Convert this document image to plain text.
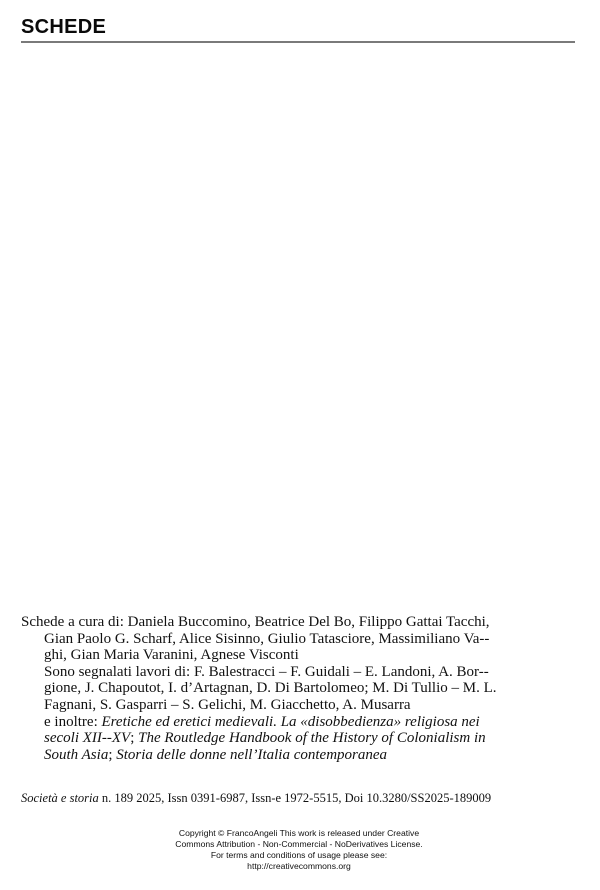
SCHEDE
Schede a cura di: Daniela Buccomino, Beatrice Del Bo, Filippo Gattai Tacchi,
Gian Paolo G. Scharf, Alice Sisinno, Giulio Tatasciore, Massimiliano Va--
ghi, Gian Maria Varanini, Agnese Visconti
Sono segnalati lavori di: F. Balestracci – F. Guidali – E. Landoni, A. Bor--
gione, J. Chapoutot, I. d’Artagnan, D. Di Bartolomeo; M. Di Tullio – M. L.
Fagnani, S. Gasparri – S. Gelichi, M. Giacchetto, A. Musarra
e inoltre: Eretiche ed eretici medievali. La «disobbedienza» religiosa nei
secoli XII--XV; The Routledge Handbook of the History of Colonialism in
South Asia; Storia delle donne nell’Italia contemporanea
Società e storia n. 189 2025, Issn 0391-6987, Issn-e 1972-5515, Doi 10.3280/SS2025-189009
Copyright © FrancoAngeli This work is released under Creative
Commons Attribution - Non-Commercial - NoDerivatives License.
For terms and conditions of usage please see:
http://creativecommons.org
